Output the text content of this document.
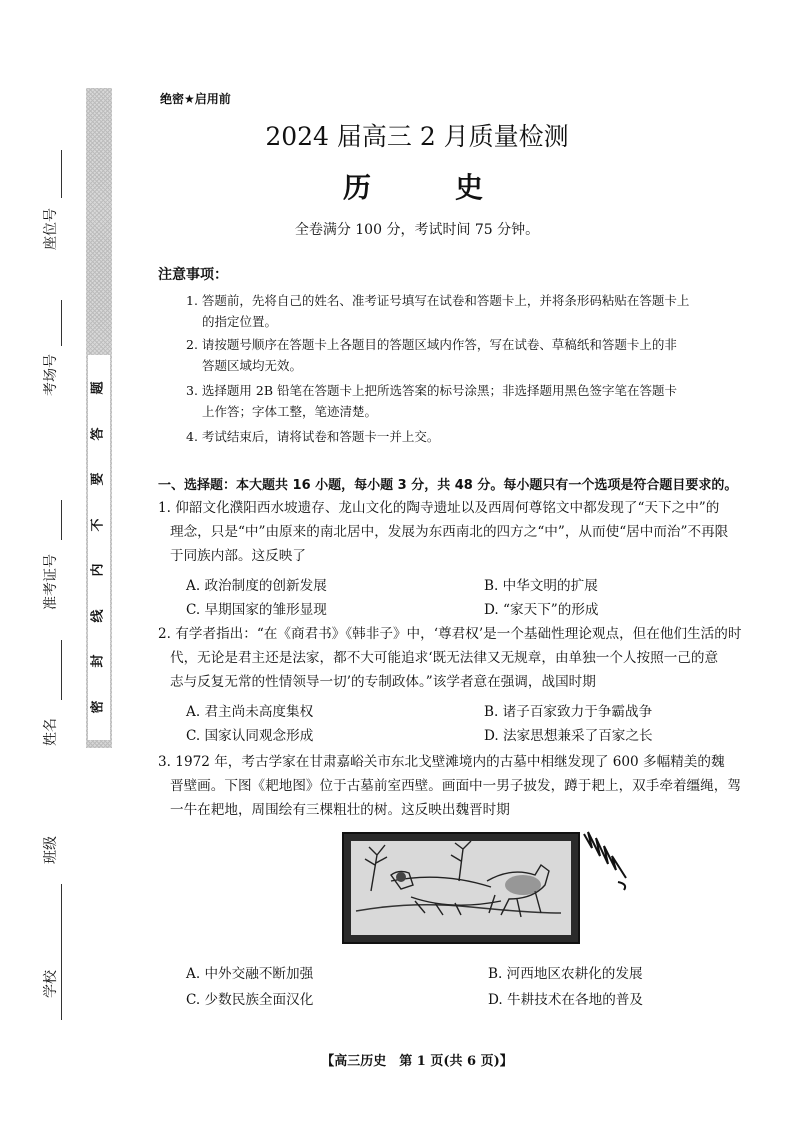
题
答
要
不
内
线
封
密
座位号
考场号
准考证号
姓名
班级
学校
绝密★启用前
2024 届高三 2 月质量检测
历　史
全卷满分 100 分，考试时间 75 分钟。
注意事项：
1. 答题前，先将自己的姓名、准考证号填写在试卷和答题卡上，并将条形码粘贴在答题卡上
的指定位置。
2. 请按题号顺序在答题卡上各题目的答题区域内作答，写在试卷、草稿纸和答题卡上的非
答题区域均无效。
3. 选择题用 2B 铅笔在答题卡上把所选答案的标号涂黑；非选择题用黑色签字笔在答题卡
上作答；字体工整，笔迹清楚。
4. 考试结束后，请将试卷和答题卡一并上交。
一、选择题：本大题共 16 小题，每小题 3 分，共 48 分。每小题只有一个选项是符合题目要求的。

1. 仰韶文化濮阳西水坡遗存、龙山文化的陶寺遗址以及西周何尊铭文中都发现了“天下之中”的

理念，只是“中”由原来的南北居中，发展为东西南北的四方之“中”，从而使“居中而治”不再限

于同族内部。这反映了

A. 政治制度的创新发展	B. 中华文明的扩展
C. 早期国家的雏形显现	D. “家天下”的形成

2. 有学者指出：“在《商君书》《韩非子》中，‘尊君权’是一个基础性理论观点，但在他们生活的时

代，无论是君主还是法家，都不大可能追求‘既无法律又无规章，由单独一个人按照一己的意

志与反复无常的性情领导一切’的专制政体。”该学者意在强调，战国时期

A. 君主尚未高度集权	B. 诸子百家致力于争霸战争
C. 国家认同观念形成	D. 法家思想兼采了百家之长

3. 1972 年，考古学家在甘肃嘉峪关市东北戈壁滩境内的古墓中相继发现了 600 多幅精美的魏

晋壁画。下图《耙地图》位于古墓前室西壁。画面中一男子披发，蹲于耙上，双手牵着缰绳，驾

一牛在耙地，周围绘有三棵粗壮的树。这反映出魏晋时期

A. 中外交融不断加强	B. 河西地区农耕化的发展
C. 少数民族全面汉化	D. 牛耕技术在各地的普及
【高三历史　第 1 页(共 6 页)】
